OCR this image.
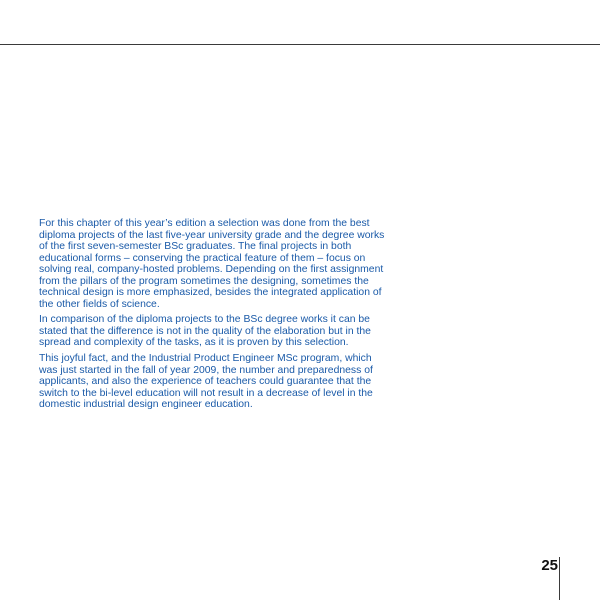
For this chapter of this year’s edition a selection was done from the best diploma projects of the last five-year university grade and the degree works of the first seven-semester BSc graduates. The final projects in both educational forms – conserving the practical feature of them – focus on solving real, company-hosted problems. Depending on the first assignment from the pillars of the program sometimes the designing, sometimes the technical design is more emphasized, besides the integrated application of the other fields of science.

In comparison of the diploma projects to the BSc degree works it can be stated that the difference is not in the quality of the elaboration but in the spread and complexity of the tasks, as it is proven by this selection.

This joyful fact, and the Industrial Product Engineer MSc program, which was just started in the fall of year 2009, the number and preparedness of applicants, and also the experience of teachers could guarantee that the switch to the bi-level education will not result in a decrease of level in the domestic industrial design engineer education.

25
